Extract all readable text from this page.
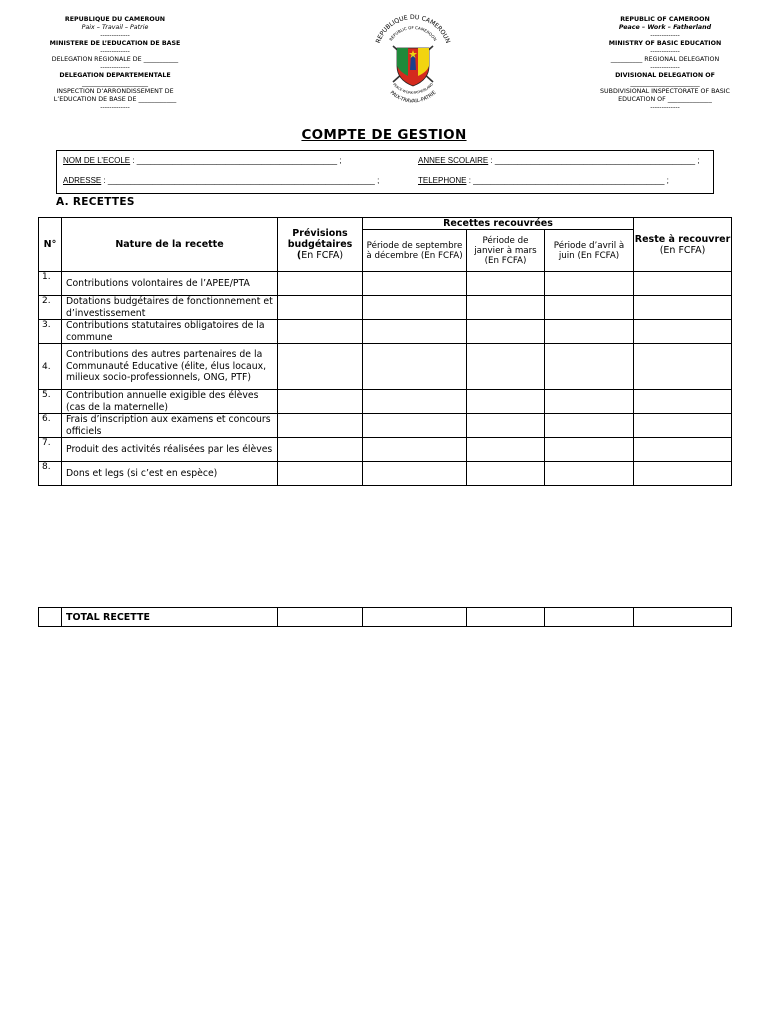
REPUBLIQUE DU CAMEROUN
Paix – Travail – Patrie
-------------
MINISTERE DE L’EDUCATION DE BASE
-------------
DELEGATION REGIONALE DE ___________
-------------
DELEGATION DEPARTEMENTALE
_____________________
INSPECTION D’ARRONDISSEMENT DE
L’EDUCATION DE BASE DE ____________
-------------
REPUBLIQUE DU CAMEROUN
REPUBLIC OF CAMEROON
PEACE-WORK-FATHERLAND
PAIX-TRAVAIL-PATRIE
REPUBLIC OF CAMEROON
Peace – Work – Fatherland
-------------
MINISTRY OF BASIC EDUCATION
-------------
__________ REGIONAL DELEGATION
-------------
DIVISIONAL DELEGATION OF
______________________
SUBDIVISIONAL INSPECTORATE OF BASIC
EDUCATION OF ______________
-------------
COMPTE DE GESTION
NOM DE L’ECOLE : _____________________________________________ ;	ANNEE SCOLAIRE : _____________________________________________ ;
ADRESSE : ____________________________________________________________ ;	TELEPHONE : ___________________________________________ ;
A. RECETTES
N°	Nature de la recette	Prévisions budgétaires (En FCFA)	Recettes recouvrées			Reste à recouvrer (En FCFA)
			Période de septembre à décembre (En FCFA)	Période de janvier à mars (En FCFA)	Période d’avril à juin (En FCFA)	
1.	Contributions volontaires de l’APEE/PTA					
2.	Dotations budgétaires de fonctionnement et d’investissement					
3.	Contributions statutaires obligatoires de la commune					
4.	Contributions des autres partenaires de la Communauté Educative (élite, élus locaux, milieux socio-professionnels, ONG, PTF)					
5.	Contribution annuelle exigible des élèves (cas de la maternelle)					
6.	Frais d’inscription aux examens et concours officiels					
7.	Produit des activités réalisées par les élèves					
8.	Dons et legs (si c’est en espèce)					
	TOTAL RECETTE					
